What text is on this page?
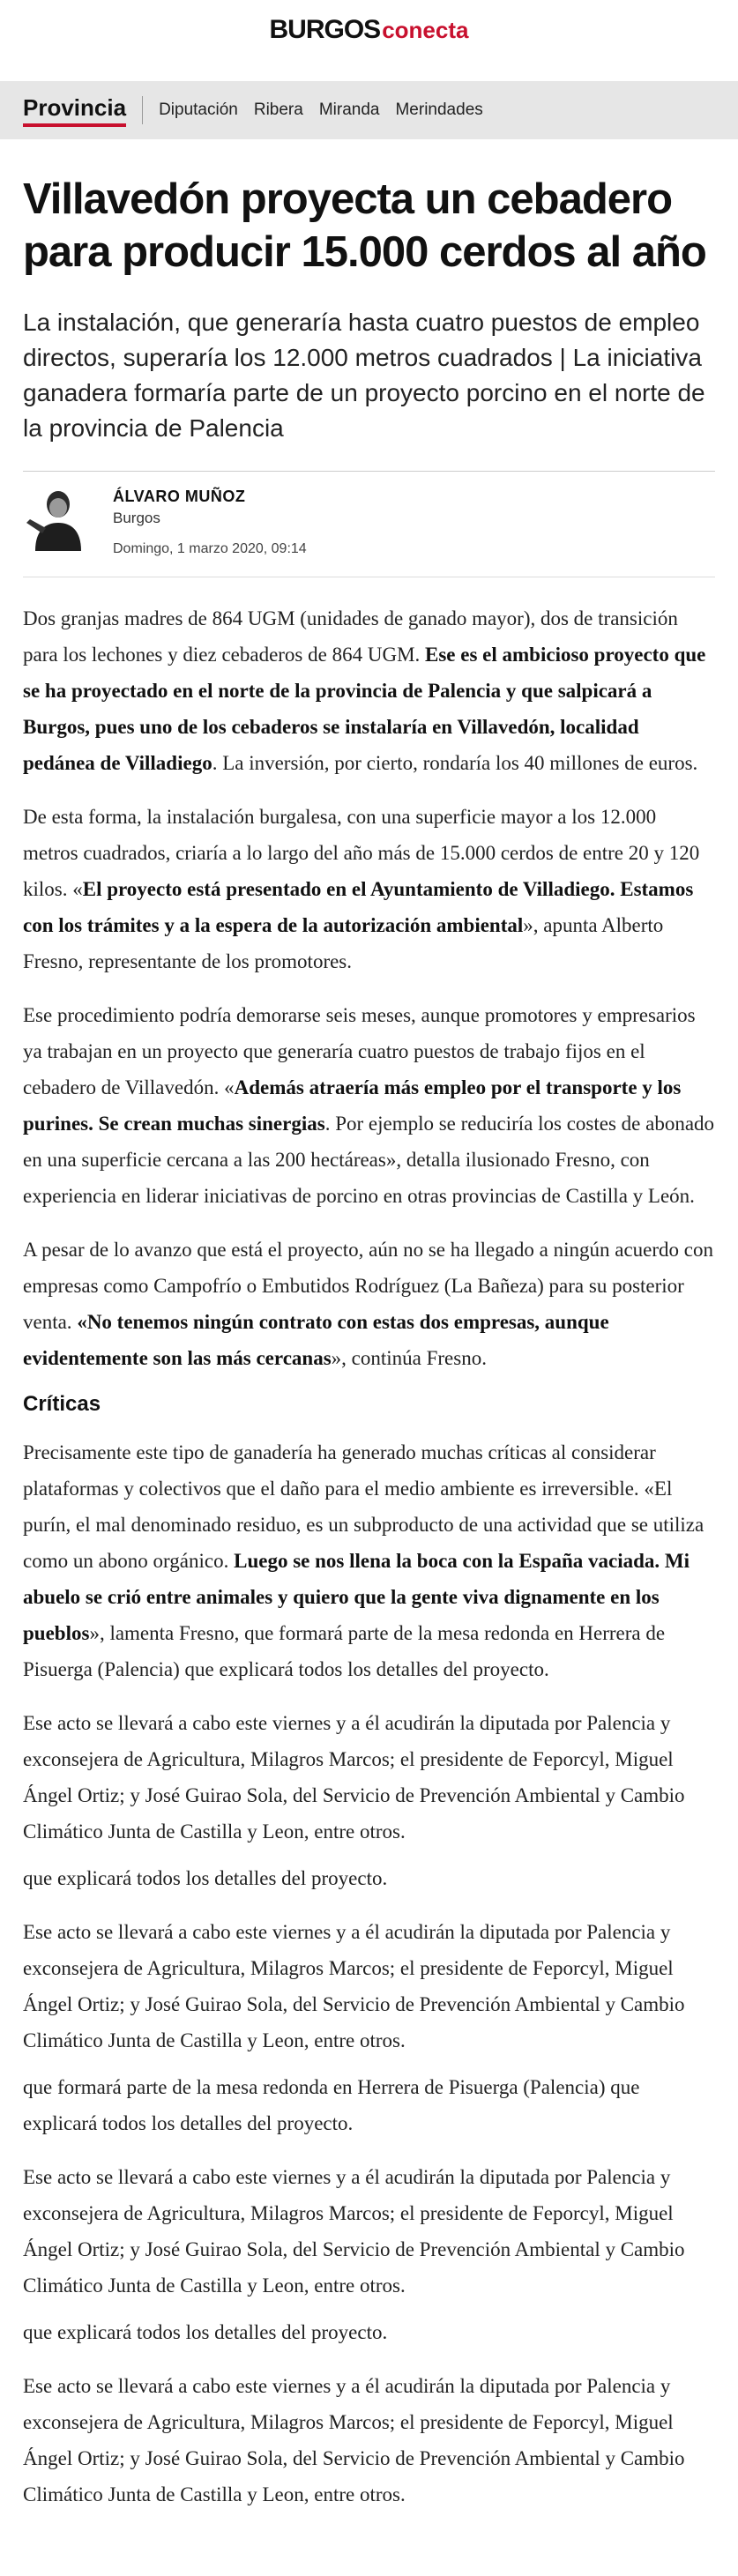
BURGOSconecta
Provincia Diputación Ribera Miranda Merindades
Villavedón proyecta un cebadero para producir 15.000 cerdos al año
La instalación, que generaría hasta cuatro puestos de empleo directos, superaría los 12.000 metros cuadrados | La iniciativa ganadera formaría parte de un proyecto porcino en el norte de la provincia de Palencia
ÁLVARO MUÑOZ
Burgos
Domingo, 1 marzo 2020, 09:14

Dos granjas madres de 864 UGM (unidades de ganado mayor), dos de transición para los lechones y diez cebaderos de 864 UGM. Ese es el ambicioso proyecto que se ha proyectado en el norte de la provincia de Palencia y que salpicará a Burgos, pues uno de los cebaderos se instalaría en Villavedón, localidad pedánea de Villadiego. La inversión, por cierto, rondaría los 40 millones de euros.

De esta forma, la instalación burgalesa, con una superficie mayor a los 12.000 metros cuadrados, criaría a lo largo del año más de 15.000 cerdos de entre 20 y 120 kilos. «El proyecto está presentado en el Ayuntamiento de Villadiego. Estamos con los trámites y a la espera de la autorización ambiental», apunta Alberto Fresno, representante de los promotores.

Ese procedimiento podría demorarse seis meses, aunque promotores y empresarios ya trabajan en un proyecto que generaría cuatro puestos de trabajo fijos en el cebadero de Villavedón. «Además atraería más empleo por el transporte y los purines. Se crean muchas sinergias. Por ejemplo se reduciría los costes de abonado en una superficie cercana a las 200 hectáreas», detalla ilusionado Fresno, con experiencia en liderar iniciativas de porcino en otras provincias de Castilla y León.

A pesar de lo avanzo que está el proyecto, aún no se ha llegado a ningún acuerdo con empresas como Campofrío o Embutidos Rodríguez (La Bañeza) para su posterior venta. «No tenemos ningún contrato con estas dos empresas, aunque evidentemente son las más cercanas», continúa Fresno.

Críticas

Precisamente este tipo de ganadería ha generado muchas críticas al considerar plataformas y colectivos que el daño para el medio ambiente es irreversible. «El purín, el mal denominado residuo, es un subproducto de una actividad que se utiliza como un abono orgánico. Luego se nos llena la boca con la España vaciada. Mi abuelo se crió entre animales y quiero que la gente viva dignamente en los pueblos», lamenta Fresno, que formará parte de la mesa redonda en Herrera de Pisuerga (Palencia) que explicará todos los detalles del proyecto.

Ese acto se llevará a cabo este viernes y a él acudirán la diputada por Palencia y exconsejera de Agricultura, Milagros Marcos; el presidente de Feporcyl, Miguel Ángel Ortiz; y José Guirao Sola, del Servicio de Prevención Ambiental y Cambio Climático Junta de Castilla y Leon, entre otros.

que explicará todos los detalles del proyecto.

Ese acto se llevará a cabo este viernes y a él acudirán la diputada por Palencia y exconsejera de Agricultura, Milagros Marcos; el presidente de Feporcyl, Miguel Ángel Ortiz; y José Guirao Sola, del Servicio de Prevención Ambiental y Cambio Climático Junta de Castilla y Leon, entre otros.

que formará parte de la mesa redonda en Herrera de Pisuerga (Palencia) que explicará todos los detalles del proyecto.

Ese acto se llevará a cabo este viernes y a él acudirán la diputada por Palencia y exconsejera de Agricultura, Milagros Marcos; el presidente de Feporcyl, Miguel Ángel Ortiz; y José Guirao Sola, del Servicio de Prevención Ambiental y Cambio Climático Junta de Castilla y Leon, entre otros.

que explicará todos los detalles del proyecto.

Ese acto se llevará a cabo este viernes y a él acudirán la diputada por Palencia y exconsejera de Agricultura, Milagros Marcos; el presidente de Feporcyl, Miguel Ángel Ortiz; y José Guirao Sola, del Servicio de Prevención Ambiental y Cambio Climático Junta de Castilla y Leon, entre otros.
